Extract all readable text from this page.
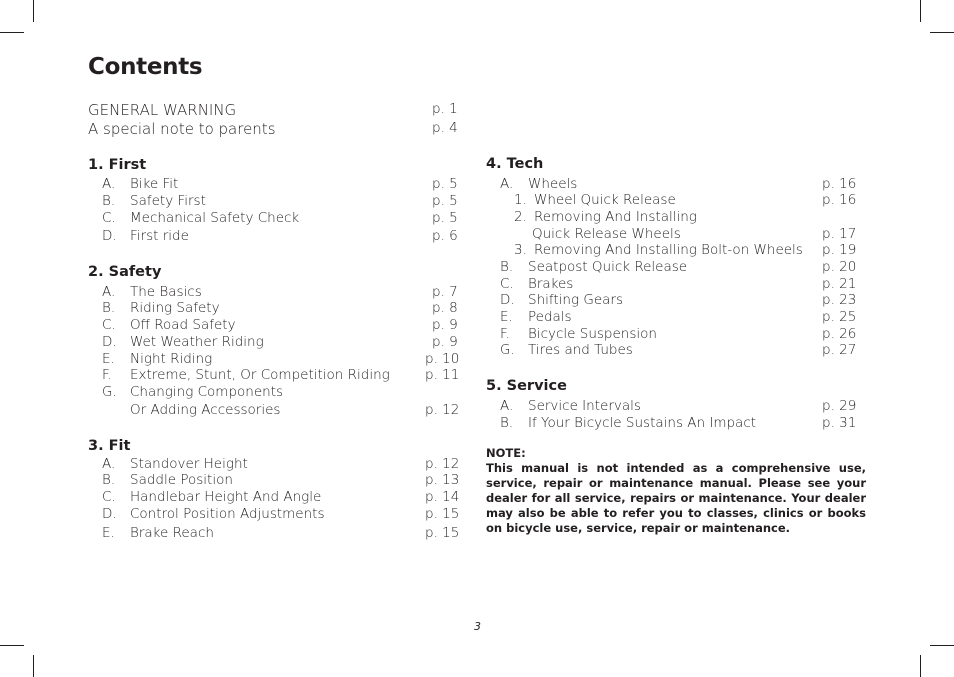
Contents
GENERAL WARNING	p. 1
A special note to parents	p. 4
1. First
A. Bike Fit	p. 5
B. Safety First	p. 5
C. Mechanical Safety Check	p. 5
D. First ride	p. 6
2. Safety
A. The Basics	p. 7
B. Riding Safety	p. 8
C. Off Road Safety	p. 9
D. Wet Weather Riding	p. 9
E. Night Riding	p. 10
F. Extreme, Stunt, Or Competition Riding	p. 11
G. Changing Components
Or Adding Accessories	p. 12
3. Fit
A. Standover Height	p. 12
B. Saddle Position	p. 13
C. Handlebar Height And Angle	p. 14
D. Control Position Adjustments	p. 15
E. Brake Reach	p. 15
4. Tech
A. Wheels	p. 16
1. Wheel Quick Release	p. 16
2. Removing And Installing
Quick Release Wheels	p. 17
3. Removing And Installing Bolt-on Wheels p. 19
B. Seatpost Quick Release	p. 20
C. Brakes	p. 21
D. Shifting Gears	p. 23
E. Pedals	p. 25
F. Bicycle Suspension	p. 26
G. Tires and Tubes	p. 27
5. Service
A. Service Intervals	p. 29
B. If Your Bicycle Sustains An Impact	p. 31
NOTE:
This manual is not intended as a comprehensive use, service, repair or maintenance manual. Please see your dealer for all service, repairs or maintenance. Your dealer may also be able to refer you to classes, clinics or books on bicycle use, service, repair or maintenance.
3
